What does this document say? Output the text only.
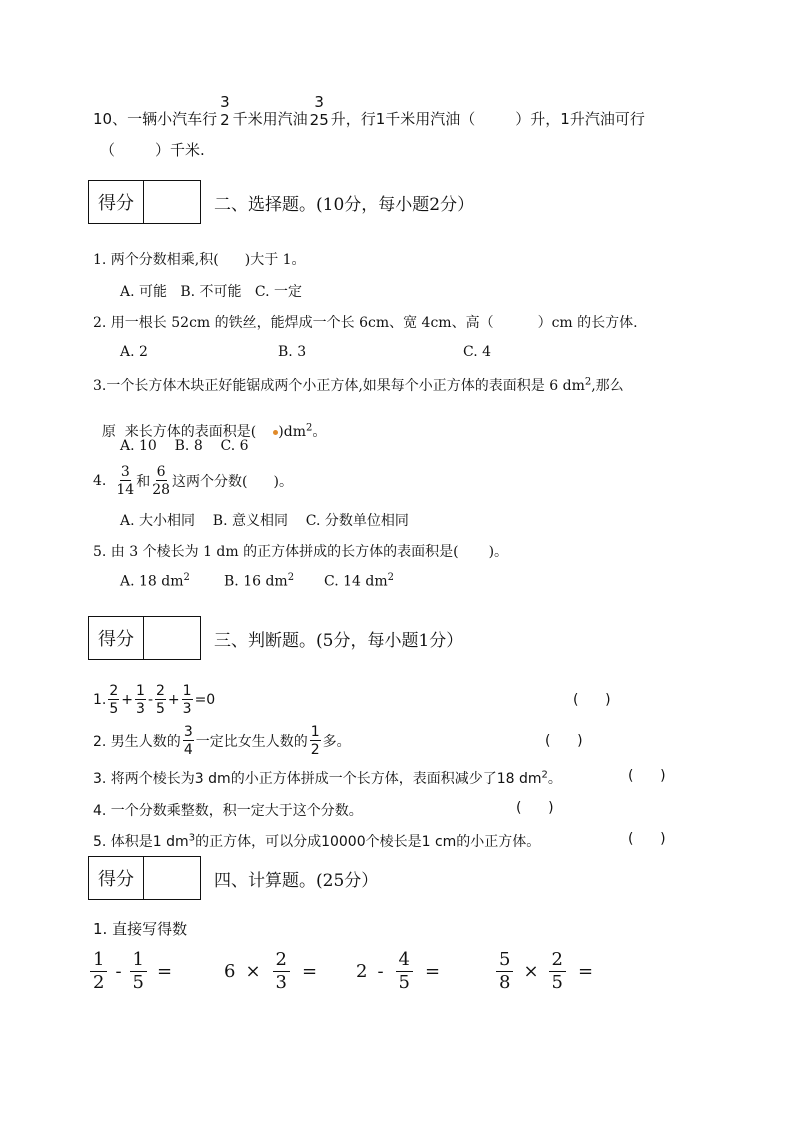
10、一辆小汽车行
3
2 千米用汽油
3
25 升，行1千米用汽油（	）升，1升汽油可行
（	）千米.
得分	二、选择题。(10分，每小题2分）
1. 两个分数相乘,积( )大于 1。
A. 可能   B. 不可能   C. 一定
2. 用一根长 52cm 的铁丝，能焊成一个长 6cm、宽 4cm、高（	）cm 的长方体.
A. 2	B. 3	C. 4
3.一个长方体木块正好能锯成两个小正方体,如果每个小正方体的表面积是 6 $dm^2$,那么

原  来长方体的表面积是( )$dm^2$。

A. 10    B. 8    C. 6
4. $\frac{3}{14}$ 和 $\frac{6}{28}$ 这两个分数( )。
A. 大小相同    B. 意义相同    C. 分数单位相同
5. 由 3 个棱长为 1 dm 的正方体拼成的长方体的表面积是( )。
A. 18 $dm^2$ B. 16 $dm^2$ C. 14 $dm^2$
得分	三、判断题。(5分，每小题1分）
1. $\frac{2}{5} + \frac{1}{3} - \frac{2}{5} + \frac{1}{3} =0$	(      )
2. 男生人数的 $\frac{3}{4}$ 一定比女生人数的 $\frac{1}{2}$ 多。	(      )
3. 将两个棱长为3 dm的小正方体拼成一个长方体，表面积减少了18 $dm^2$。	(      )
4. 一个分数乘整数，积一定大于这个分数。	(      )
5. 体积是1 $dm^3$的正方体，可以分成10000个棱长是1 cm的小正方体。	(      )
得分	四、计算题。(25分）
1. 直接写得数
$\frac{1}{2} - \frac{1}{5}$ =	$6 \times \frac{2}{3} = 2 - \frac{4}{5}$ =	$\frac{5}{8} \times \frac{2}{5}$ =
